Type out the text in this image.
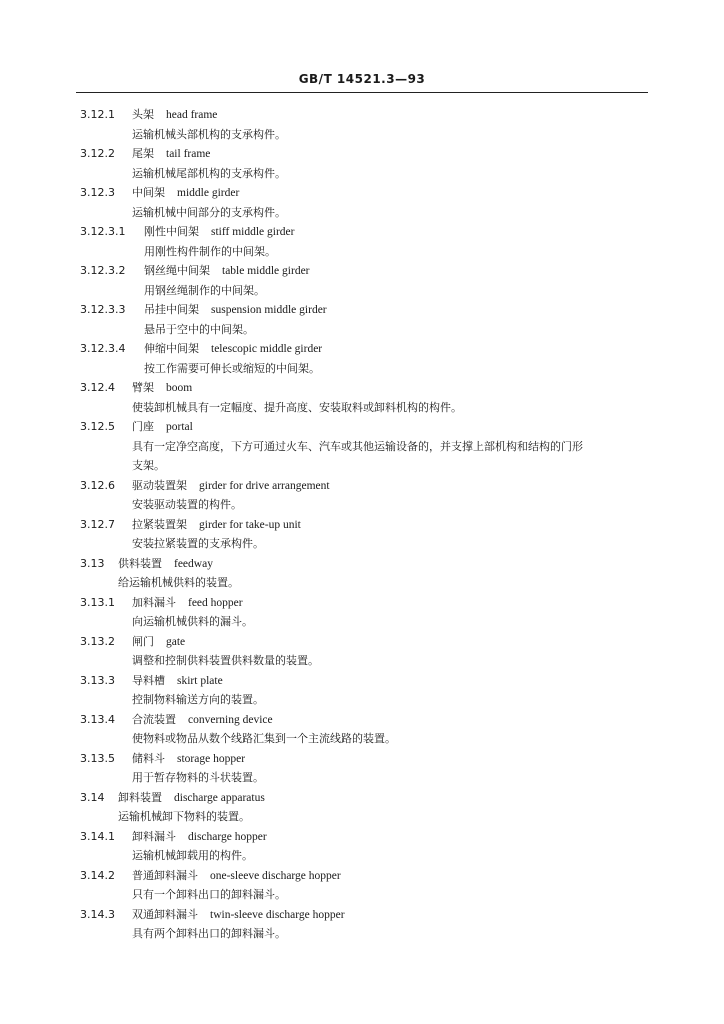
GB/T 14521.3—93
3.12.1 头架 head frame
运输机械头部机构的支承构件。
3.12.2 尾架 tail frame
运输机械尾部机构的支承构件。
3.12.3 中间架 middle girder
运输机械中间部分的支承构件。
3.12.3.1 刚性中间架 stiff middle girder
用刚性构件制作的中间架。
3.12.3.2 钢丝绳中间架 table middle girder
用钢丝绳制作的中间架。
3.12.3.3 吊挂中间架 suspension middle girder
悬吊于空中的中间架。
3.12.3.4 伸缩中间架 telescopic middle girder
按工作需要可伸长或缩短的中间架。
3.12.4 臂架 boom
使装卸机械具有一定幅度、提升高度、安装取料或卸料机构的构件。
3.12.5 门座 portal
具有一定净空高度，下方可通过火车、汽车或其他运输设备的，并支撑上部机构和结构的门形
支架。
3.12.6 驱动装置架 girder for drive arrangement
安装驱动装置的构件。
3.12.7 拉紧装置架 girder for take-up unit
安装拉紧装置的支承构件。
3.13 供料装置 feedway
给运输机械供料的装置。
3.13.1 加料漏斗 feed hopper
向运输机械供料的漏斗。
3.13.2 闸门 gate
调整和控制供料装置供料数量的装置。
3.13.3 导料槽 skirt plate
控制物料输送方向的装置。
3.13.4 合流装置 converning device
使物料或物品从数个线路汇集到一个主流线路的装置。
3.13.5 储料斗 storage hopper
用于暂存物料的斗状装置。
3.14 卸料装置 discharge apparatus
运输机械卸下物料的装置。
3.14.1 卸料漏斗 discharge hopper
运输机械卸载用的构件。
3.14.2 普通卸料漏斗 one-sleeve discharge hopper
只有一个卸料出口的卸料漏斗。
3.14.3 双通卸料漏斗 twin-sleeve discharge hopper
具有两个卸料出口的卸料漏斗。
